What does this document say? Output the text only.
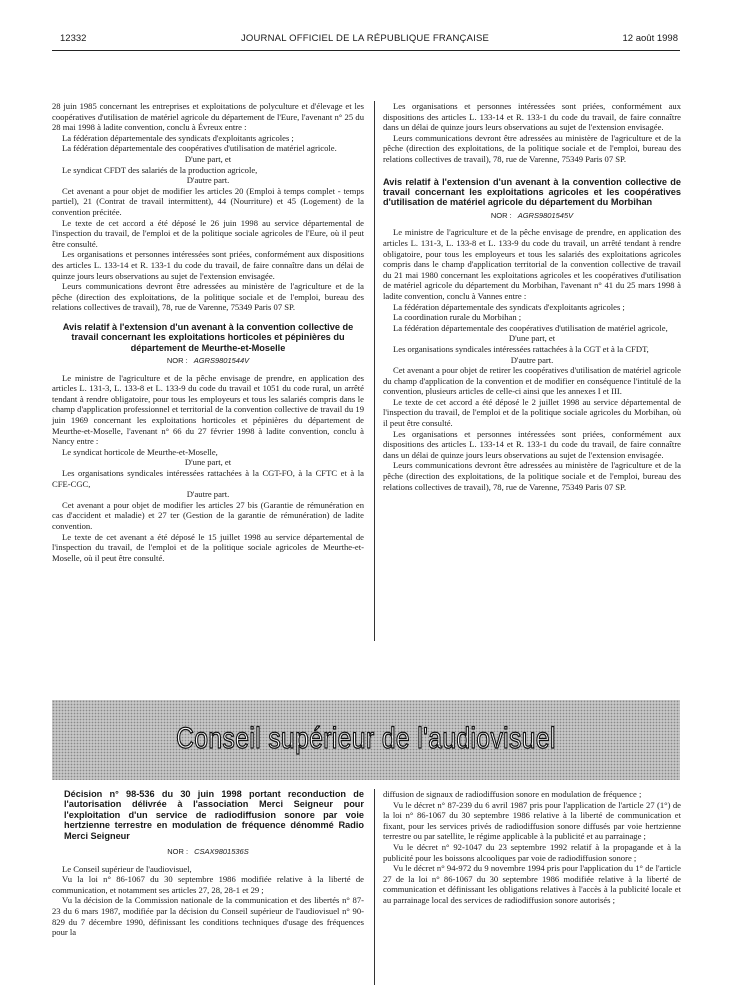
12332	JOURNAL OFFICIEL DE LA RÉPUBLIQUE FRANÇAISE	12 août 1998

28 juin 1985 concernant les entreprises et exploitations de polyculture et d'élevage et les coopératives d'utilisation de matériel agricole du département de l'Eure, l'avenant n° 25 du 28 mai 1998 à ladite convention, conclu à Évreux entre :

La fédération départementale des syndicats d'exploitants agricoles ;

La fédération départementale des coopératives d'utilisation de matériel agricole.

D'une part, et

Le syndicat CFDT des salariés de la production agricole,

D'autre part.

Cet avenant a pour objet de modifier les articles 20 (Emploi à temps complet - temps partiel), 21 (Contrat de travail intermittent), 44 (Nourriture) et 45 (Logement) de la convention précitée.

Le texte de cet accord a été déposé le 26 juin 1998 au service départemental de l'inspection du travail, de l'emploi et de la politique sociale agricoles de l'Eure, où il peut être consulté.

Les organisations et personnes intéressées sont priées, conformément aux dispositions des articles L. 133-14 et R. 133-1 du code du travail, de faire connaître dans un délai de quinze jours leurs observations au sujet de l'extension envisagée.

Leurs communications devront être adressées au ministère de l'agriculture et de la pêche (direction des exploitations, de la politique sociale et de l'emploi, bureau des relations collectives de travail), 78, rue de Varenne, 75349 Paris 07 SP.

Avis relatif à l'extension d'un avenant à la convention collective de travail concernant les exploitations horticoles et pépinières du département de Meurthe-et-Moselle
NOR : AGRS9801544V

Le ministre de l'agriculture et de la pêche envisage de prendre, en application des articles L. 131-3, L. 133-8 et L. 133-9 du code du travail et 1051 du code rural, un arrêté tendant à rendre obligatoire, pour tous les employeurs et tous les salariés compris dans le champ d'application professionnel et territorial de la convention collective de travail du 19 juin 1969 concernant les exploitations horticoles et pépinières du département de Meurthe-et-Moselle, l'avenant n° 66 du 27 février 1998 à ladite convention, conclu à Nancy entre :

Le syndicat horticole de Meurthe-et-Moselle,

D'une part, et

Les organisations syndicales intéressées rattachées à la CGT-FO, à la CFTC et à la CFE-CGC,

D'autre part.

Cet avenant a pour objet de modifier les articles 27 bis (Garantie de rémunération en cas d'accident et maladie) et 27 ter (Gestion de la garantie de rémunération) de ladite convention.

Le texte de cet avenant a été déposé le 15 juillet 1998 au service départemental de l'inspection du travail, de l'emploi et de la politique sociale agricoles de Meurthe-et-Moselle, où il peut être consulté.

Les organisations et personnes intéressées sont priées, conformément aux dispositions des articles L. 133-14 et R. 133-1 du code du travail, de faire connaître dans un délai de quinze jours leurs observations au sujet de l'extension envisagée.

Leurs communications devront être adressées au ministère de l'agriculture et de la pêche (direction des exploitations, de la politique sociale et de l'emploi, bureau des relations collectives de travail), 78, rue de Varenne, 75349 Paris 07 SP.

Avis relatif à l'extension d'un avenant à la convention collective de travail concernant les exploitations agricoles et les coopératives d'utilisation de matériel agricole du département du Morbihan
NOR : AGRS9801545V

Le ministre de l'agriculture et de la pêche envisage de prendre, en application des articles L. 131-3, L. 133-8 et L. 133-9 du code du travail, un arrêté tendant à rendre obligatoire, pour tous les employeurs et tous les salariés des exploitations agricoles compris dans le champ d'application territorial de la convention collective de travail du 21 mai 1980 concernant les exploitations agricoles et les coopératives d'utilisation de matériel agricole du département du Morbihan, l'avenant n° 41 du 25 mars 1998 à ladite convention, conclu à Vannes entre :

La fédération départementale des syndicats d'exploitants agricoles ;

La coordination rurale du Morbihan ;

La fédération départementale des coopératives d'utilisation de matériel agricole,

D'une part, et

Les organisations syndicales intéressées rattachées à la CGT et à la CFDT,

D'autre part.

Cet avenant a pour objet de retirer les coopératives d'utilisation de matériel agricole du champ d'application de la convention et de modifier en conséquence l'intitulé de la convention, plusieurs articles de celle-ci ainsi que les annexes I et III.

Le texte de cet accord a été déposé le 2 juillet 1998 au service départemental de l'inspection du travail, de l'emploi et de la politique sociale agricoles du Morbihan, où il peut être consulté.

Les organisations et personnes intéressées sont priées, conformément aux dispositions des articles L. 133-14 et R. 133-1 du code du travail, de faire connaître dans un délai de quinze jours leurs observations au sujet de l'extension envisagée.

Leurs communications devront être adressées au ministère de l'agriculture et de la pêche (direction des exploitations, de la politique sociale et de l'emploi, bureau des relations collectives de travail), 78, rue de Varenne, 75349 Paris 07 SP.

Conseil supérieur de l'audiovisuel
Décision n° 98-536 du 30 juin 1998 portant reconduction de l'autorisation délivrée à l'association Merci Seigneur pour l'exploitation d'un service de radiodiffusion sonore par voie hertzienne terrestre en modulation de fréquence dénommé Radio Merci Seigneur
NOR : CSAX9801536S

Le Conseil supérieur de l'audiovisuel,

Vu la loi n° 86-1067 du 30 septembre 1986 modifiée relative à la liberté de communication, et notamment ses articles 27, 28, 28-1 et 29 ;

Vu la décision de la Commission nationale de la communication et des libertés n° 87-23 du 6 mars 1987, modifiée par la décision du Conseil supérieur de l'audiovisuel n° 90-829 du 7 décembre 1990, définissant les conditions techniques d'usage des fréquences pour la

diffusion de signaux de radiodiffusion sonore en modulation de fréquence ;

Vu le décret n° 87-239 du 6 avril 1987 pris pour l'application de l'article 27 (1°) de la loi n° 86-1067 du 30 septembre 1986 relative à la liberté de communication et fixant, pour les services privés de radiodiffusion sonore diffusés par voie hertzienne terrestre ou par satellite, le régime applicable à la publicité et au parrainage ;

Vu le décret n° 92-1047 du 23 septembre 1992 relatif à la propagande et à la publicité pour les boissons alcooliques par voie de radiodiffusion sonore ;

Vu le décret n° 94-972 du 9 novembre 1994 pris pour l'application du 1° de l'article 27 de la loi n° 86-1067 du 30 septembre 1986 modifiée relative à la liberté de communication et définissant les obligations relatives à l'accès à la publicité locale et au parrainage local des services de radiodiffusion sonore autorisés ;
